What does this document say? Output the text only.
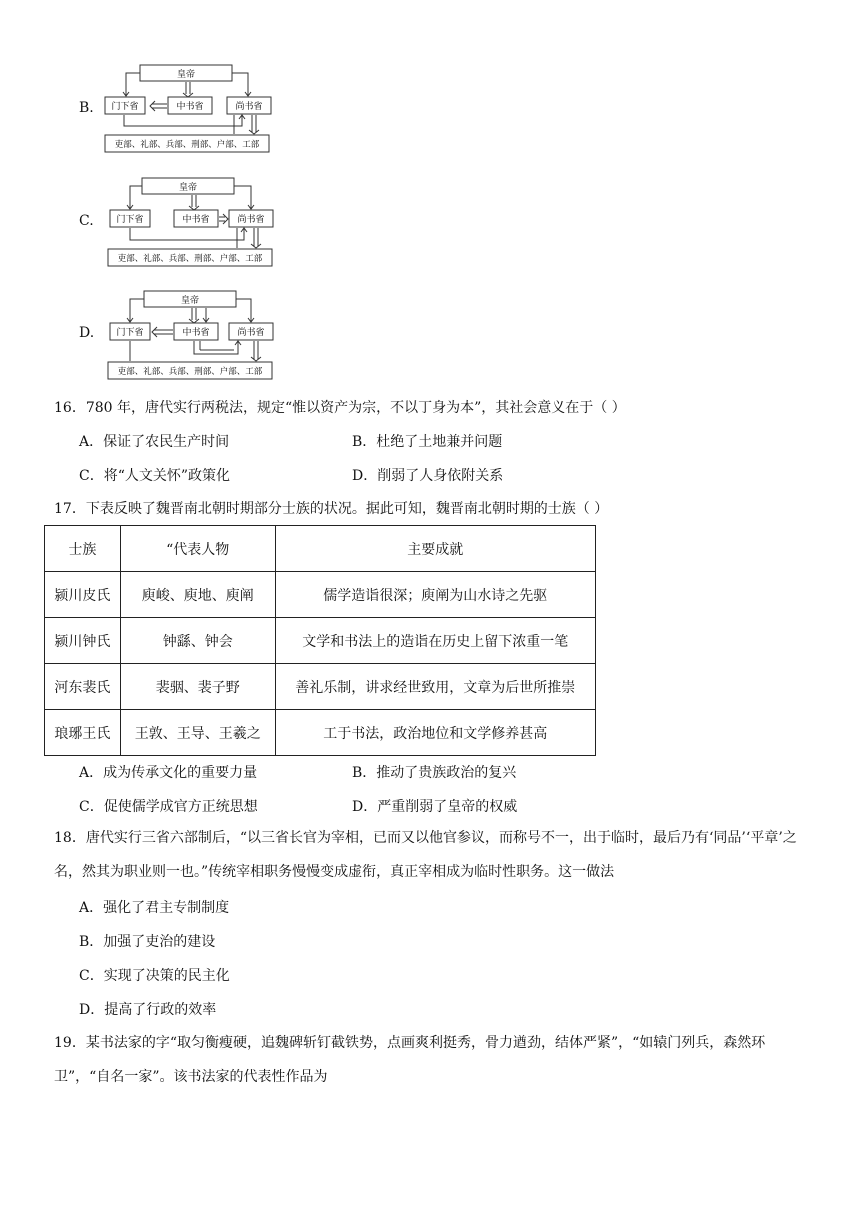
B.
皇帝
门下省	中书省	尚书省
吏部、礼部、兵部、刑部、户部、工部
C.
皇帝
门下省	中书省	尚书省
吏部、礼部、兵部、刑部、户部、工部
D.
皇帝
门下省	中书省	尚书省
吏部、礼部、兵部、刑部、户部、工部
16．780 年，唐代实行两税法，规定“惟以资产为宗，不以丁身为本”，其社会意义在于（ ）
A．保证了农民生产时间	B．杜绝了土地兼并问题
C．将“人文关怀”政策化	D．削弱了人身依附关系
17．下表反映了魏晋南北朝时期部分士族的状况。据此可知，魏晋南北朝时期的士族（ ）
士族	“代表人物	主要成就
颍川皮氏	庾峻、庾地、庾阐	儒学造诣很深；庾阐为山水诗之先驱
颍川钟氏	钟繇、钟会	文学和书法上的造诣在历史上留下浓重一笔
河东裴氏	裴骃、裴子野	善礼乐制，讲求经世致用，文章为后世所推崇
琅琊王氏	王敦、王导、王羲之	工于书法，政治地位和文学修养甚高
A．成为传承文化的重要力量	B．推动了贵族政治的复兴
C．促使儒学成官方正统思想	D．严重削弱了皇帝的权威
18．唐代实行三省六部制后，“以三省长官为宰相，已而又以他官参议，而称号不一，出于临时，最后乃有‘同品’‘平章’之名，然其为职业则一也。”传统宰相职务慢慢变成虚衔，真正宰相成为临时性职务。这一做法
A．强化了君主专制制度
B．加强了吏治的建设
C．实现了决策的民主化
D．提高了行政的效率
19．某书法家的字“取匀衡瘦硬，追魏碑斩钉截铁势，点画爽利挺秀，骨力遒劲，结体严紧”，“如辕门列兵，森然环卫”，“自名一家”。该书法家的代表性作品为
